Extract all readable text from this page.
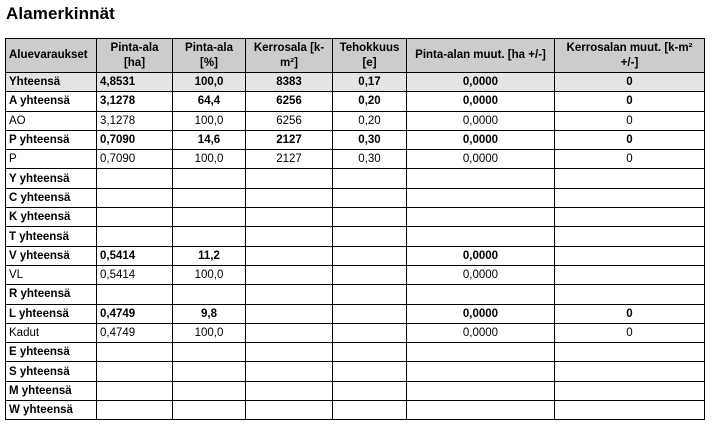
Alamerkinnät
Aluevaraukset	Pinta-ala [ha]	Pinta-ala [%]	Kerrosala [k-m²]	Tehokkuus [e]	Pinta-alan muut. [ha +/-]	Kerrosalan muut. [k-m² +/-]
Yhteensä	4,8531	100,0	8383	0,17	0,0000	0
A yhteensä	3,1278	64,4	6256	0,20	0,0000	0
AO	3,1278	100,0	6256	0,20	0,0000	0
P yhteensä	0,7090	14,6	2127	0,30	0,0000	0
P	0,7090	100,0	2127	0,30	0,0000	0
Y yhteensä						
C yhteensä						
K yhteensä						
T yhteensä						
V yhteensä	0,5414	11,2			0,0000	
VL	0,5414	100,0			0,0000	
R yhteensä						
L yhteensä	0,4749	9,8			0,0000	0
Kadut	0,4749	100,0			0,0000	0
E yhteensä						
S yhteensä						
M yhteensä						
W yhteensä						
